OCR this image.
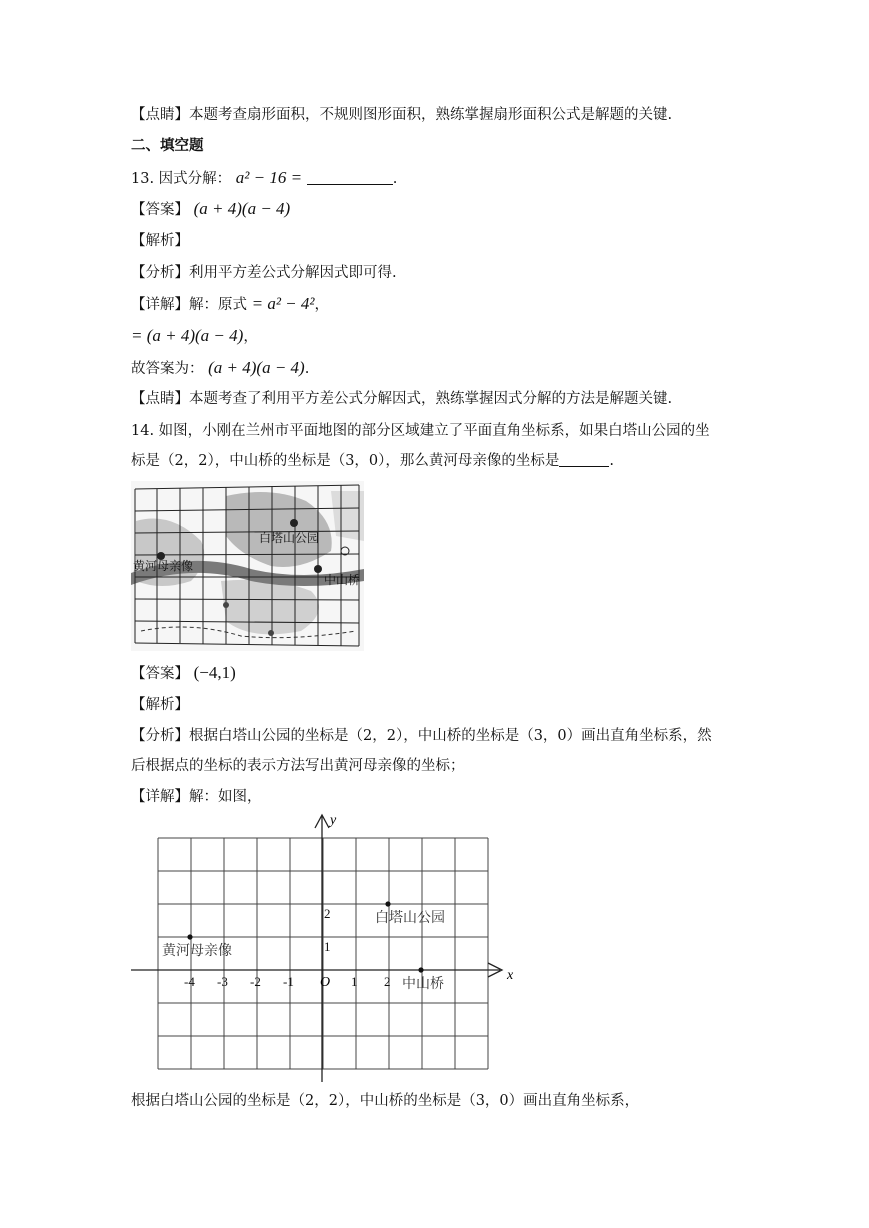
【点睛】本题考查扇形面积，不规则图形面积，熟练掌握扇形面积公式是解题的关键.
二、填空题
13. 因式分解： a² − 16 =	.
【答案】 (a + 4)(a − 4)
【解析】
【分析】利用平方差公式分解因式即可得.
【详解】解：原式 = a² − 4²，
= (a + 4)(a − 4)，
故答案为： (a + 4)(a − 4).
【点睛】本题考查了利用平方差公式分解因式，熟练掌握因式分解的方法是解题关键.
14. 如图，小刚在兰州市平面地图的部分区域建立了平面直角坐标系，如果白塔山公园的坐
标是（2，2），中山桥的坐标是（3，0），那么黄河母亲像的坐标是	.
白塔山公园
黄河母亲像
中山桥
【答案】 (−4,1)
【解析】
【分析】根据白塔山公园的坐标是（2，2），中山桥的坐标是（3，0）画出直角坐标系，然
后根据点的坐标的表示方法写出黄河母亲像的坐标；
【详解】解：如图，
x
y
O
-4 -3 -2 -1	1 2
1
2	白塔山公园
黄河母亲像
中山桥
根据白塔山公园的坐标是（2，2），中山桥的坐标是（3，0）画出直角坐标系，
